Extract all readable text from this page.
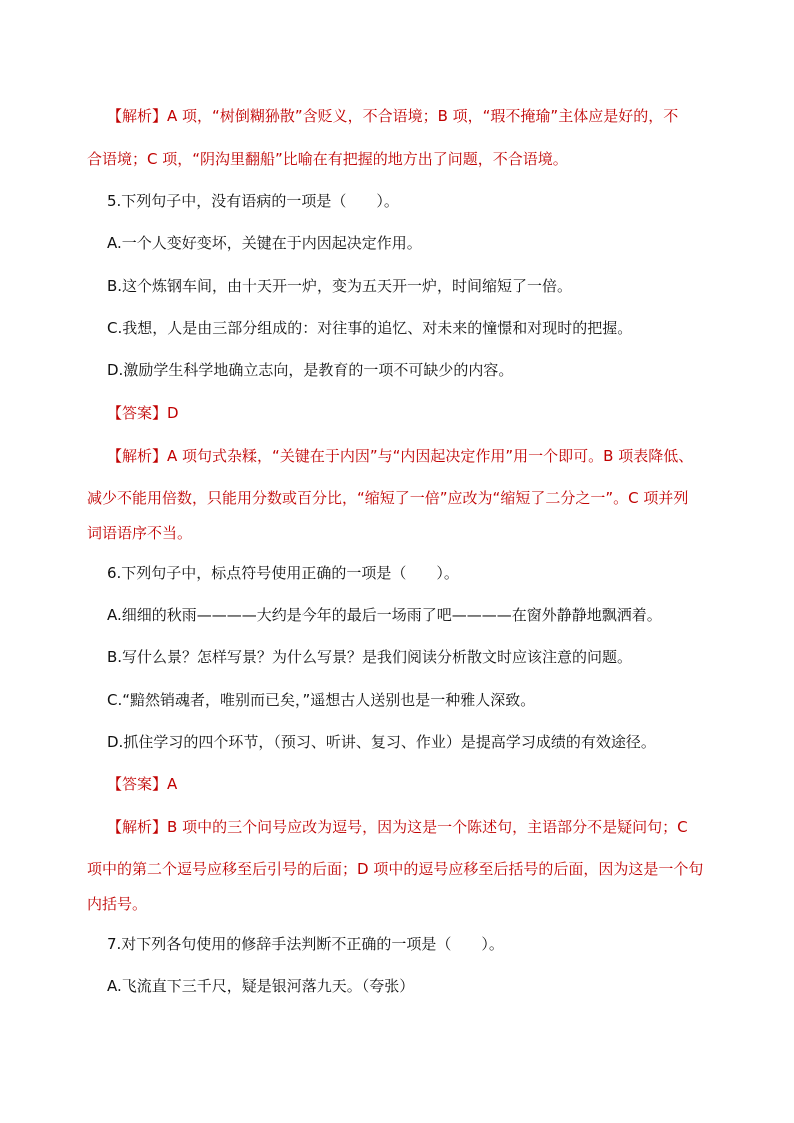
【解析】A 项，“树倒糊狲散”含贬义，不合语境；B 项，“瑕不掩瑜”主体应是好的，不
合语境；C 项，“阴沟里翻船”比喻在有把握的地方出了问题，不合语境。
5.下列句子中，没有语病的一项是（　　）。
A.一个人变好变坏，关键在于内因起决定作用。
B.这个炼钢车间，由十天开一炉，变为五天开一炉，时间缩短了一倍。
C.我想，人是由三部分组成的：对往事的追忆、对未来的憧憬和对现时的把握。
D.激励学生科学地确立志向，是教育的一项不可缺少的内容。
【答案】D
【解析】A 项句式杂糅，“关键在于内因”与“内因起决定作用”用一个即可。B 项表降低、
减少不能用倍数，只能用分数或百分比，“缩短了一倍”应改为“缩短了二分之一”。C 项并列
词语语序不当。
6.下列句子中，标点符号使用正确的一项是（　　）。
A.细细的秋雨————大约是今年的最后一场雨了吧————在窗外静静地飘洒着。
B.写什么景？怎样写景？为什么写景？是我们阅读分析散文时应该注意的问题。
C.“黯然销魂者，唯别而已矣，”遥想古人送别也是一种雅人深致。
D.抓住学习的四个环节，（预习、听讲、复习、作业）是提高学习成绩的有效途径。
【答案】A
【解析】B 项中的三个问号应改为逗号，因为这是一个陈述句，主语部分不是疑问句；C
项中的第二个逗号应移至后引号的后面；D 项中的逗号应移至后括号的后面，因为这是一个句
内括号。
7.对下列各句使用的修辞手法判断不正确的一项是（　　）。
A.飞流直下三千尺，疑是银河落九天。（夸张）
